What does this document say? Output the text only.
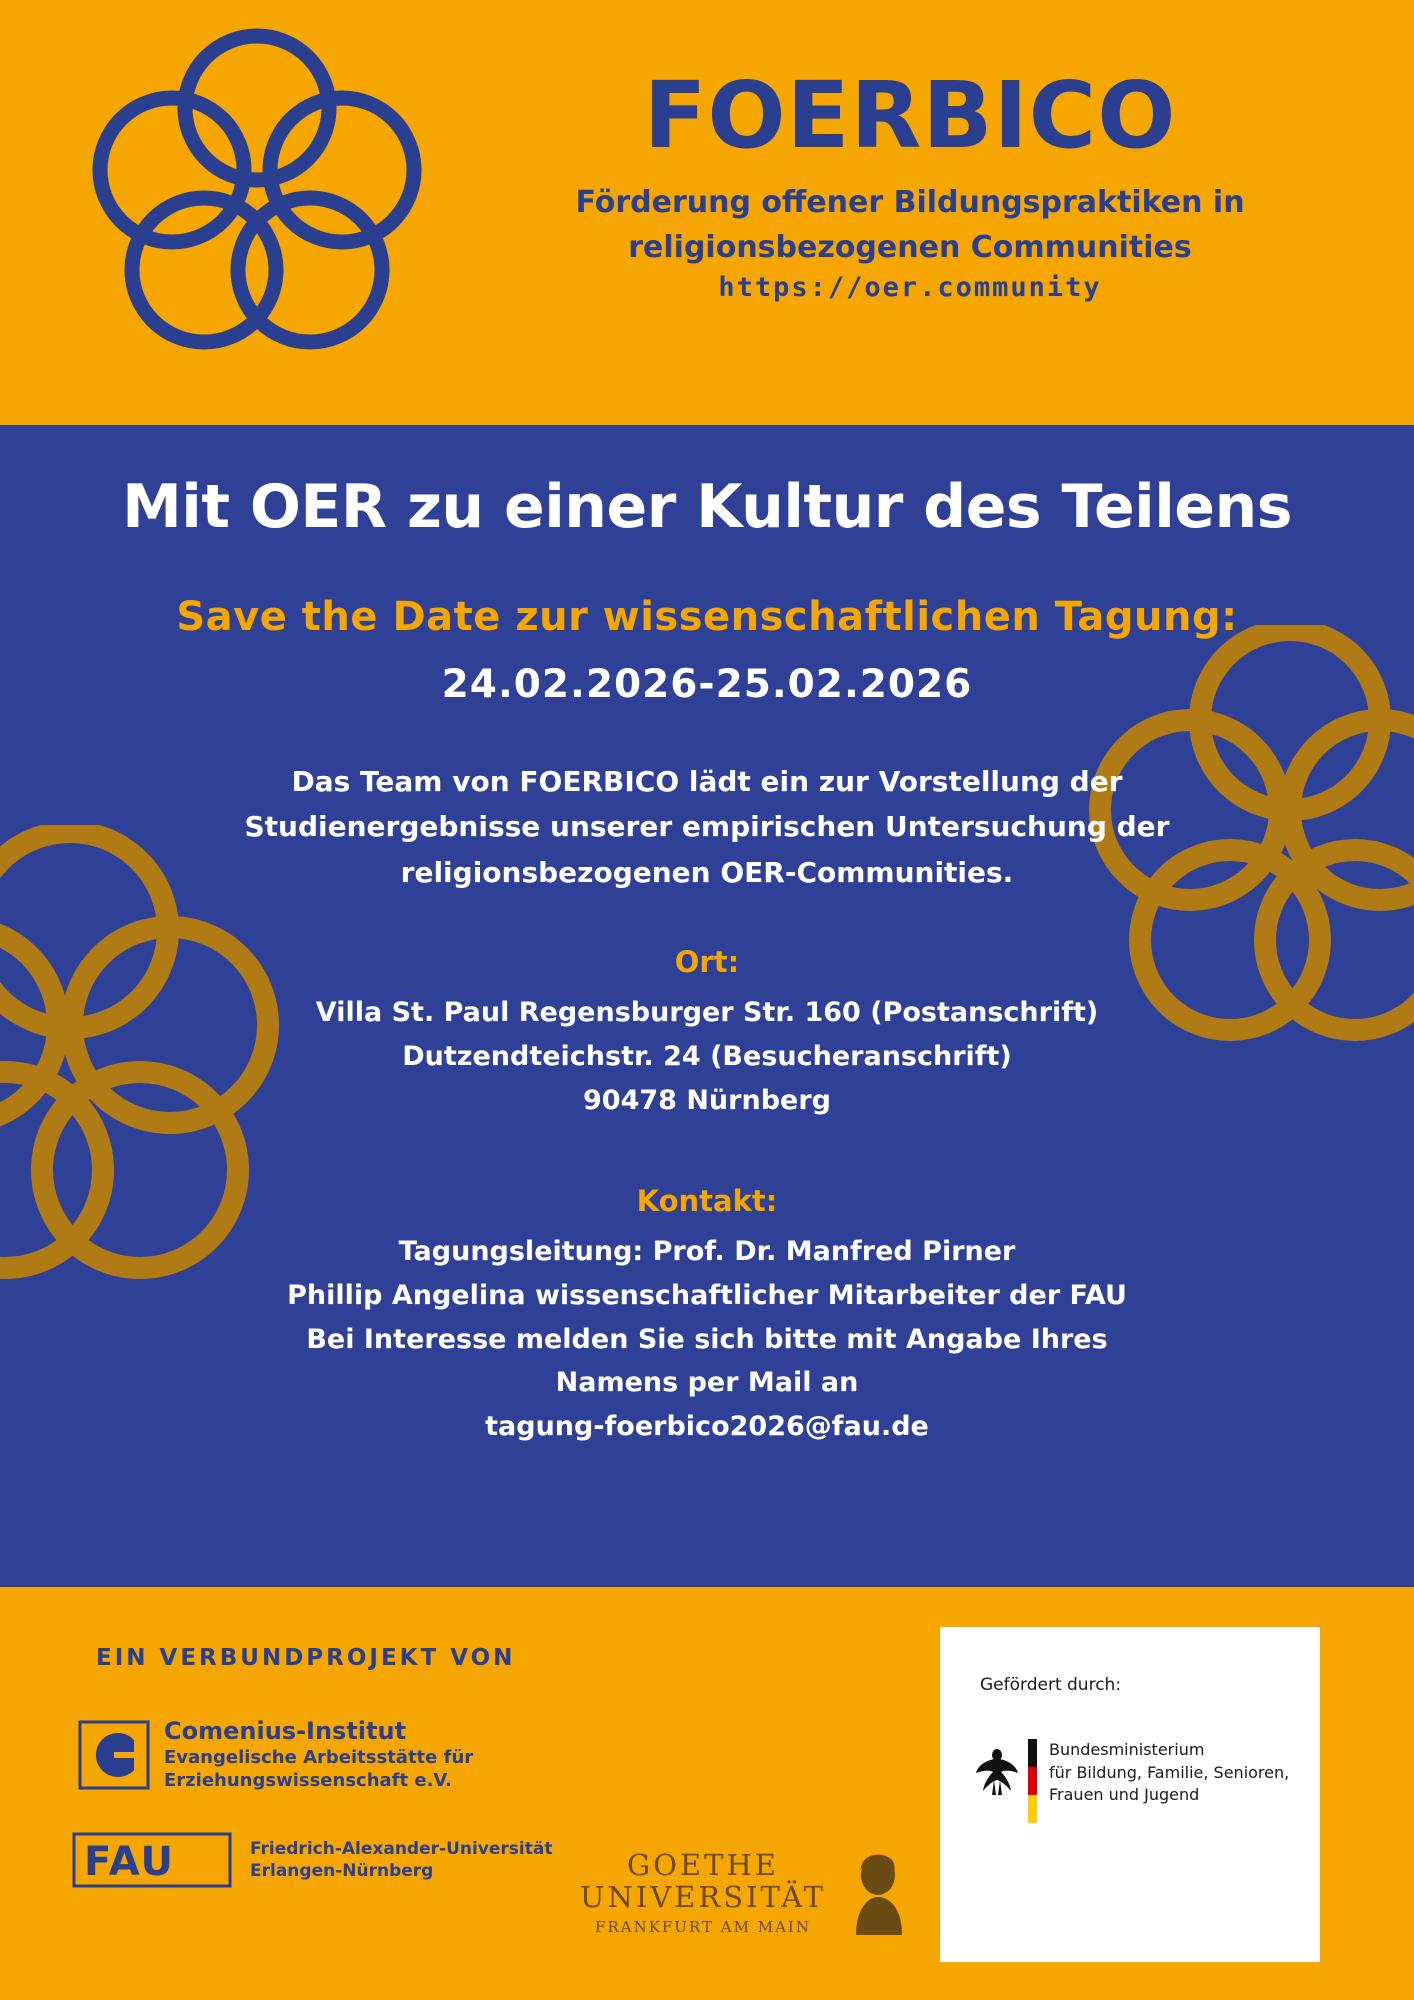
FOERBICO
Förderung offener Bildungspraktiken in
religionsbezogenen Communities
https://oer.community
Mit OER zu einer Kultur des Teilens
Save the Date zur wissenschaftlichen Tagung:
24.02.2026-25.02.2026
Das Team von FOERBICO lädt ein zur Vorstellung der
Studienergebnisse unserer empirischen Untersuchung der
religionsbezogenen OER-Communities.
Ort:
Villa St. Paul Regensburger Str. 160 (Postanschrift)
Dutzendteichstr. 24 (Besucheranschrift)
90478 Nürnberg
Kontakt:
Tagungsleitung: Prof. Dr. Manfred Pirner
Phillip Angelina wissenschaftlicher Mitarbeiter der FAU
Bei Interesse melden Sie sich bitte mit Angabe Ihres
Namens per Mail an
tagung-foerbico2026@fau.de
EIN VERBUNDPROJEKT VON
Comenius-Institut
Evangelische Arbeitsstätte für
Erziehungswissenschaft e.V.
FAU	Friedrich-Alexander-Universität
Erlangen-Nürnberg	GOETHE
UNIVERSITÄT
FRANKFURT AM MAIN
Gefördert durch:
Bundesministerium
für Bildung, Familie, Senioren,
Frauen und Jugend
